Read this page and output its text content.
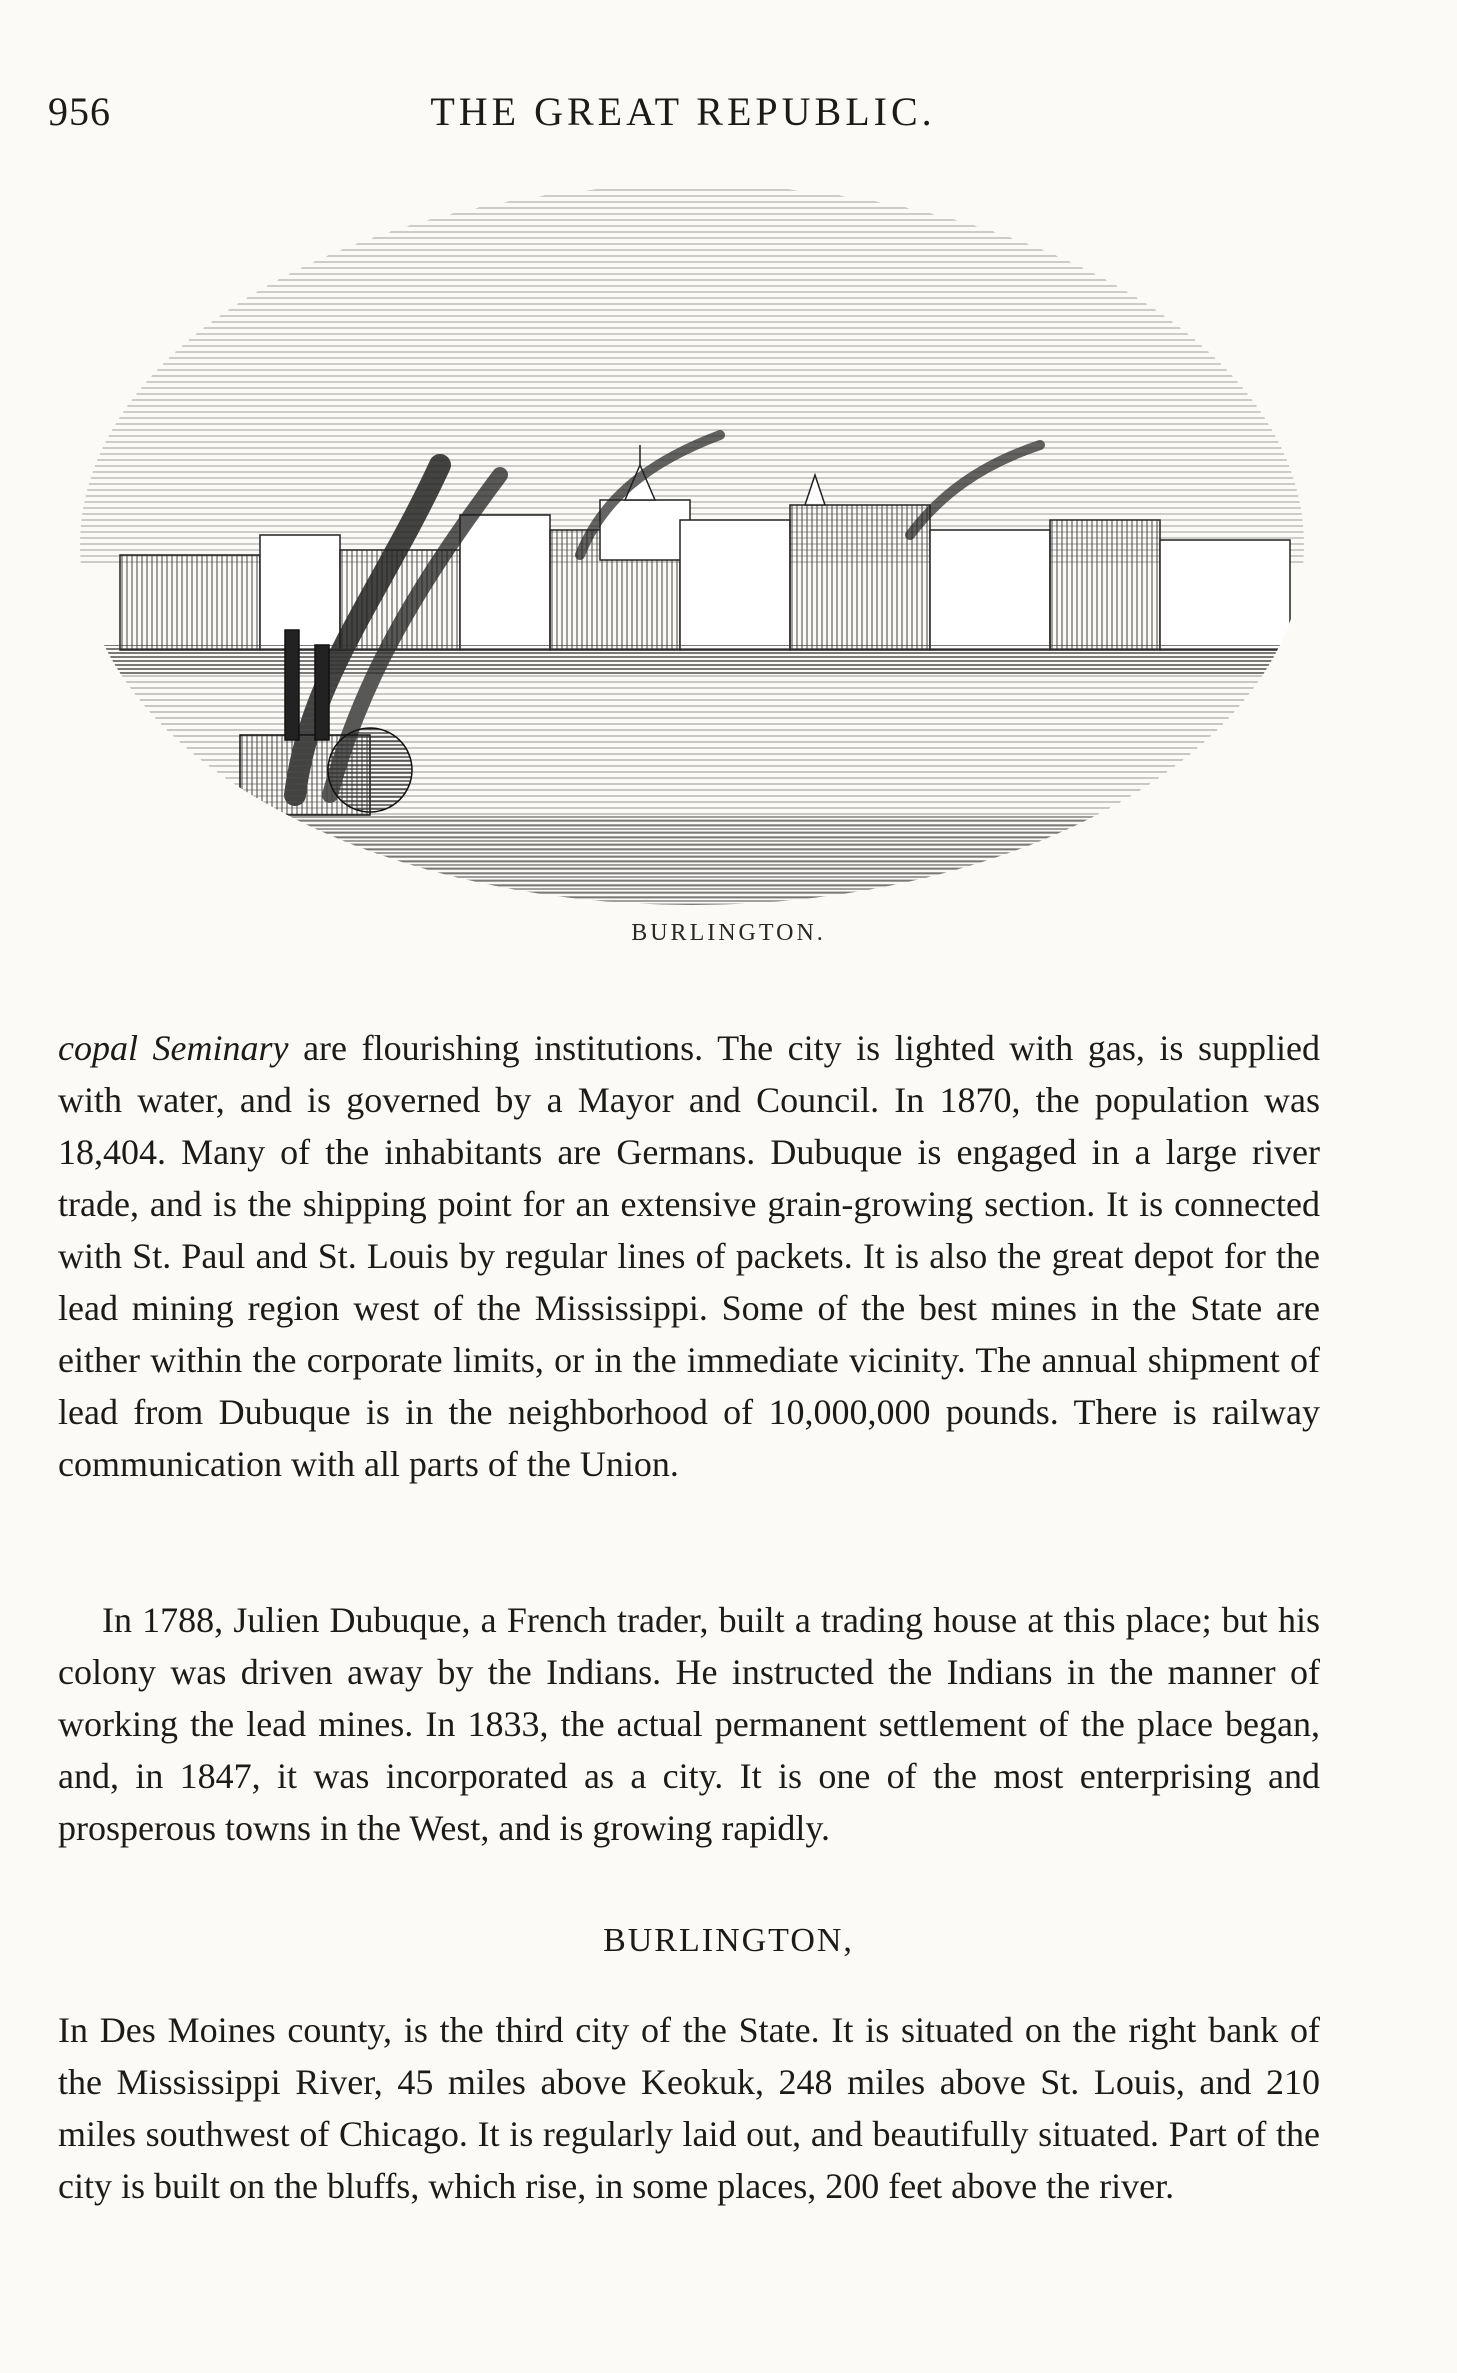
956	THE GREAT REPUBLIC.
BURLINGTON.

copal Seminary are flourishing institutions. The city is lighted with gas, is supplied with water, and is governed by a Mayor and Council. In 1870, the population was 18,404. Many of the inhabitants are Germans. Dubuque is engaged in a large river trade, and is the shipping point for an extensive grain-growing section. It is connected with St. Paul and St. Louis by regular lines of packets. It is also the great depot for the lead mining region west of the Mississippi. Some of the best mines in the State are either within the corporate limits, or in the immediate vicinity. The annual shipment of lead from Dubuque is in the neighborhood of 10,000,000 pounds. There is railway communication with all parts of the Union.

In 1788, Julien Dubuque, a French trader, built a trading house at this place; but his colony was driven away by the Indians. He instructed the Indians in the manner of working the lead mines. In 1833, the actual permanent settlement of the place began, and, in 1847, it was incorporated as a city. It is one of the most enterprising and prosperous towns in the West, and is growing rapidly.

BURLINGTON,

In Des Moines county, is the third city of the State. It is situated on the right bank of the Mississippi River, 45 miles above Keokuk, 248 miles above St. Louis, and 210 miles southwest of Chicago. It is regularly laid out, and beautifully situated. Part of the city is built on the bluffs, which rise, in some places, 200 feet above the river.
